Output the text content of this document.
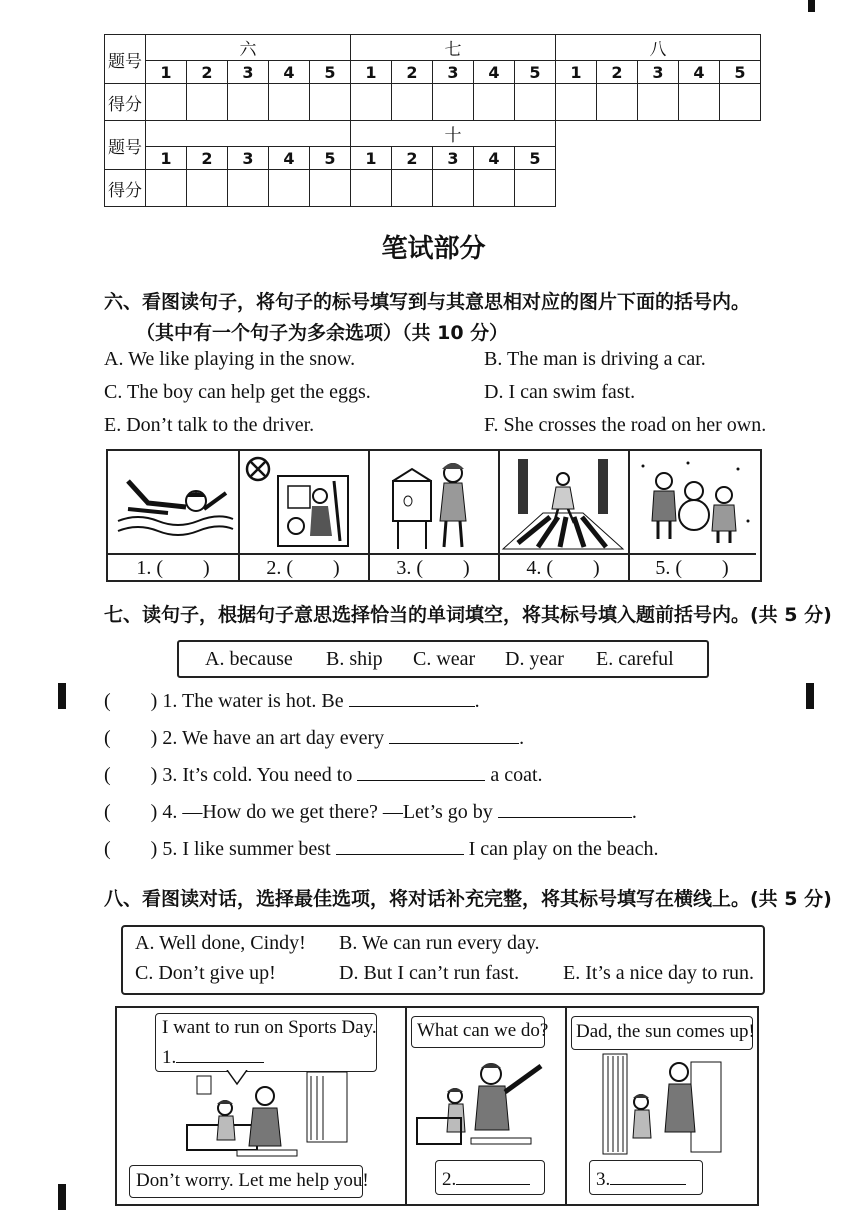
题号	六					七					八				
	1	2	3	4	5	1	2	3	4	5	1	2	3	4	5
得分															
题号						十									
	1	2	3	4	5	1	2	3	4	5					
得分															
笔试部分
六、看图读句子，将句子的标号填写到与其意思相对应的图片下面的括号内。
（其中有一个句子为多余选项）（共 10 分）
A. We like playing in the snow.	B. The man is driving a car.
C. The boy can help get the eggs.	D. I can swim fast.
E. Don’t talk to the driver.	F. She crosses the road on her own.
1. (　　)	2. (　　)	3. (　　)	4. (　　)	5. (　　)
七、读句子，根据句子意思选择恰当的单词填空，将其标号填入题前括号内。(共 5 分)
A. because B. ship C. wear D. year E. careful
( ) 1. The water is hot. Be	.
( ) 2. We have an art day every	.
( ) 3. It’s cold. You need to	a coat.
( ) 4. —How do we get there? —Let’s go by	.
( ) 5. I like summer best	I can play on the beach.
八、看图读对话，选择最佳选项，将对话补充完整，将其标号填写在横线上。(共 5 分)
A. Well done, Cindy! B. We can run every day.
C. Don’t give up!	D. But I can’t run fast. E. It’s a nice day to run.
I want to run on Sports Day.
1.
Don’t worry. Let me help you!
What can we do?
2.
Dad, the sun comes up!
3.
